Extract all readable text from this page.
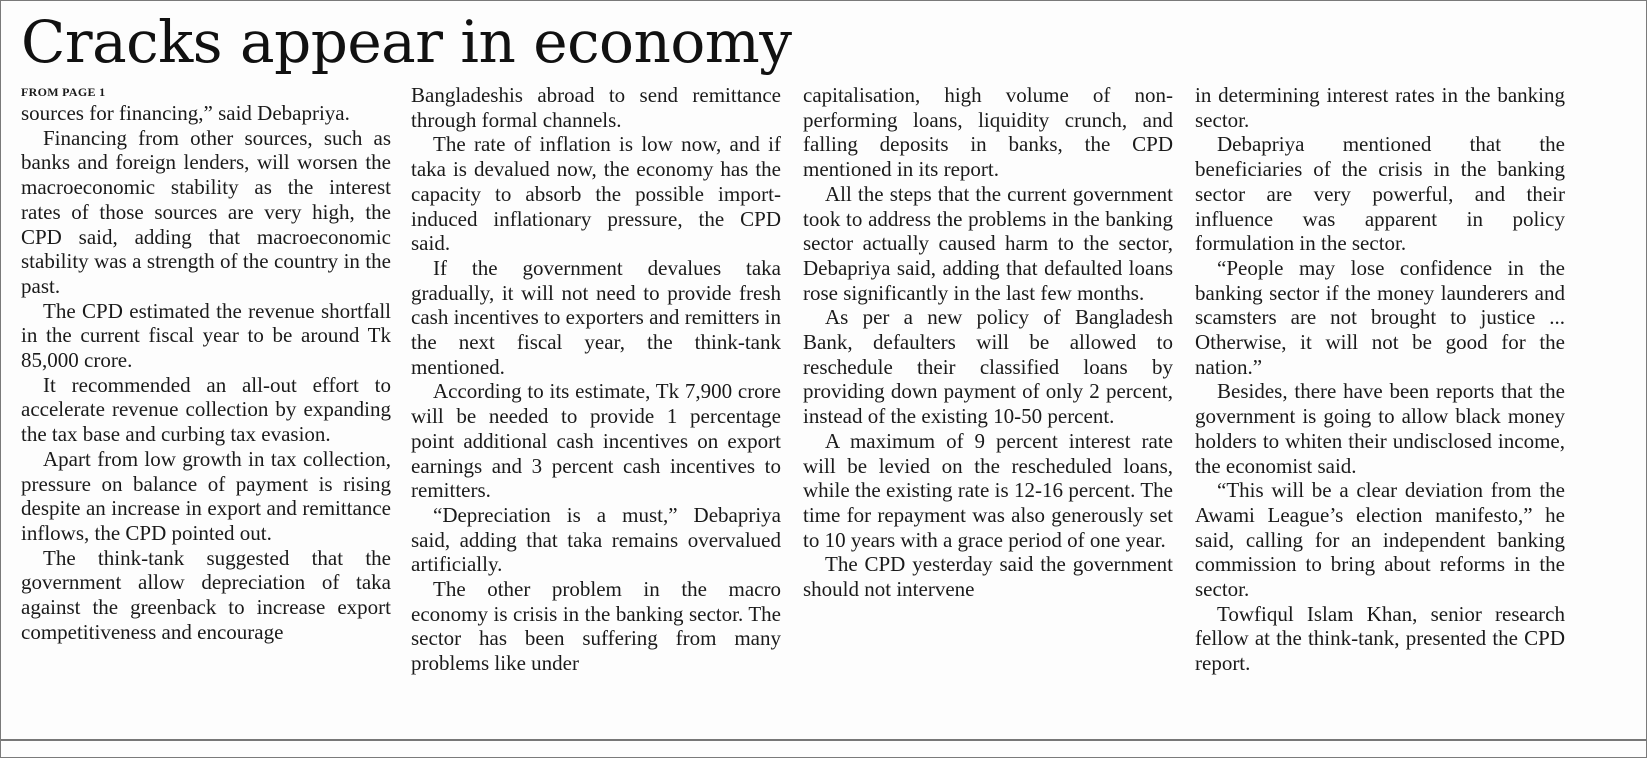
Cracks appear in economy
FROM PAGE 1

sources for financing,” said Debapriya.

Financing from other sources, such as banks and foreign lenders, will worsen the macroeconomic stability as the interest rates of those sources are very high, the CPD said, adding that macroeconomic stability was a strength of the country in the past.

The CPD estimated the revenue shortfall in the current fiscal year to be around Tk 85,000 crore.

It recommended an all-out effort to accelerate revenue collection by expanding the tax base and curbing tax evasion.

Apart from low growth in tax collection, pressure on balance of payment is rising despite an increase in export and remittance inflows, the CPD pointed out.

The think-tank suggested that the government allow depreciation of taka against the greenback to increase export competitiveness and encourage

Bangladeshis abroad to send remittance through formal channels.

The rate of inflation is low now, and if taka is devalued now, the economy has the capacity to absorb the possible import-induced inflationary pressure, the CPD said.

If the government devalues taka gradually, it will not need to provide fresh cash incentives to exporters and remitters in the next fiscal year, the think-tank mentioned.

According to its estimate, Tk 7,900 crore will be needed to provide 1 percentage point additional cash incentives on export earnings and 3 percent cash incentives to remitters.

“Depreciation is a must,” Debapriya said, adding that taka remains overvalued artificially.

The other problem in the macro economy is crisis in the banking sector. The sector has been suffering from many problems like under

capitalisation, high volume of non-performing loans, liquidity crunch, and falling deposits in banks, the CPD mentioned in its report.

All the steps that the current government took to address the problems in the banking sector actually caused harm to the sector, Debapriya said, adding that defaulted loans rose significantly in the last few months.

As per a new policy of Bangladesh Bank, defaulters will be allowed to reschedule their classified loans by providing down payment of only 2 percent, instead of the existing 10-50 percent.

A maximum of 9 percent interest rate will be levied on the rescheduled loans, while the existing rate is 12-16 percent. The time for repayment was also generously set to 10 years with a grace period of one year.

The CPD yesterday said the government should not intervene

in determining interest rates in the banking sector.

Debapriya mentioned that the beneficiaries of the crisis in the banking sector are very powerful, and their influence was apparent in policy formulation in the sector.

“People may lose confidence in the banking sector if the money launderers and scamsters are not brought to justice ... Otherwise, it will not be good for the nation.”

Besides, there have been reports that the government is going to allow black money holders to whiten their undisclosed income, the economist said.

“This will be a clear deviation from the Awami League’s election manifesto,” he said, calling for an independent banking commission to bring about reforms in the sector.

Towfiqul Islam Khan, senior research fellow at the think-tank, presented the CPD report.
